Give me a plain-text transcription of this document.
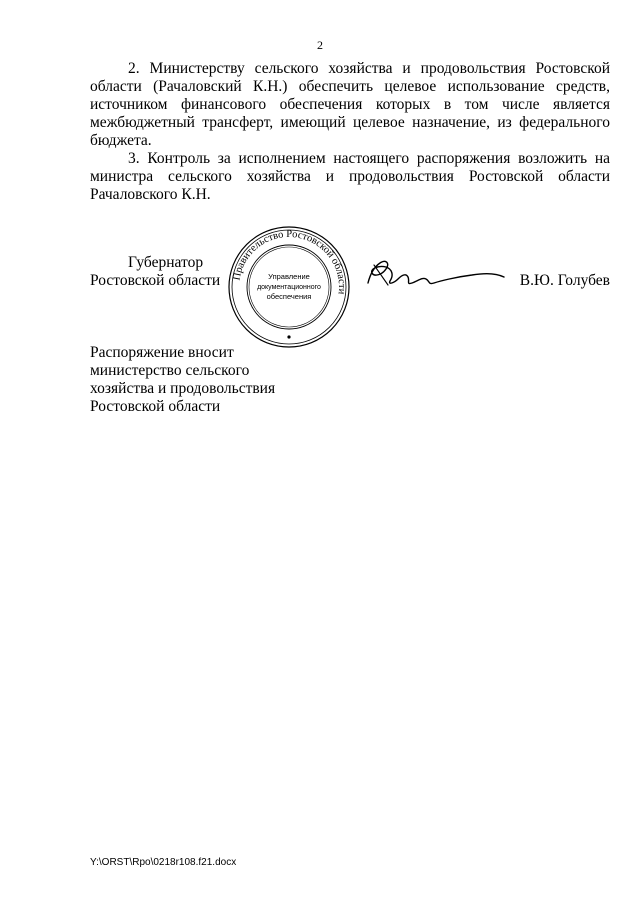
2

2. Министерству сельского хозяйства и продовольствия Ростовской области (Рачаловский К.Н.) обеспечить целевое использование средств, источником финансового обеспечения которых в том числе является межбюджетный трансферт, имеющий целевое назначение, из федерального бюджета.

3. Контроль за исполнением настоящего распоряжения возложить на министра сельского хозяйства и продовольствия Ростовской области Рачаловского К.Н.

Губернатор
Ростовской области Правительство Ростовской области
Управление
документационного
обеспечения
В.Ю. Голубев
Распоряжение вносит
министерство сельского
хозяйства и продовольствия
Ростовской области
Y:\ORST\Rpo\0218r108.f21.docx
